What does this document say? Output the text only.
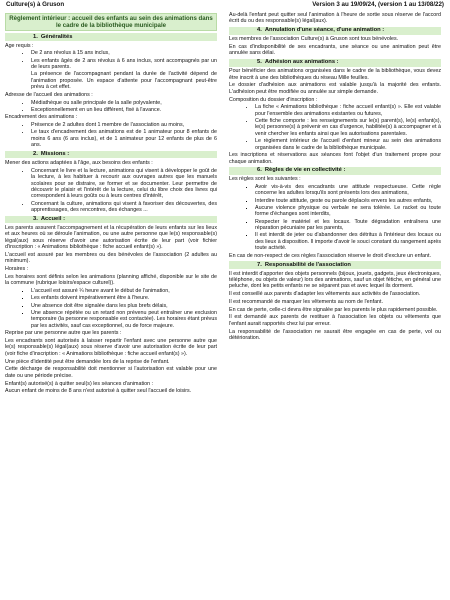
Culture(s) à Gruson	Version 3 au 19/09/24, (version 1 au 13/08/22)
Règlement intérieur : accueil des enfants au sein des animations dans le cadre de la bibliothèque municipale
1. Généralités

Age requis :

• De 2 ans révolus à 15 ans inclus,
• Les enfants âgés de 2 ans révolus à 6 ans inclus, sont accompagnés par un de leurs parents.
La présence de l'accompagnant pendant la durée de l'activité dépend de l'animation proposée. Un espace d'attente pour l'accompagnant peut-être prévu à cet effet.

Adresse de l'accueil des animations :

• Médiathèque ou salle principale de la salle polyvalente,
• Exceptionnellement en un lieu différent, fixé à l'avance.

Encadrement des animations :

• Présence de 2 adultes dont 1 membre de l'association au moins,
• Le taux d'encadrement des animations est de 1 animateur pour 8 enfants de moins 6 ans (6 ans inclus), et de 1 animateur pour 12 enfants de plus de 6 ans.
2. Missions :

Mener des actions adaptées à l'âge, aux besoins des enfants :

• Concernant le livre et la lecture, animations qui visent à développer le goût de la lecture, à les habituer à recourir aux ouvrages autres que les manuels scolaires pour se distraire, se former et se documenter. Leur permettre de découvrir le plaisir et l'intérêt de la lecture, celui du libre choix des livres qui correspondent à leurs goûts ou à leurs centres d'intérêt,
• Concernant la culture, animations qui visent à favoriser des découvertes, des apprentissages, des rencontres, des échanges ...
3. Accueil :

Les parents assurent l'accompagnement et la récupération de leurs enfants sur les lieux et aux heures où se déroule l'animation, ou une autre personne que le(s) responsable(s) légal(aux) sous réserve d'avoir une autorisation écrite de leur part (voir fichier d'inscription : « Animations bibliothèque : fiche accueil enfant(s) »).

L'accueil est assuré par les membres ou des bénévoles de l'association (2 adultes au minimum).

Horaires :

Les horaires sont définis selon les animations (planning affiché, disponible sur le site de la commune (rubrique loisirs/espace culturel)).

▪ L'accueil est assuré ¼ heure avant le début de l'animation,
▪ Les enfants doivent impérativement être à l'heure.
▪ Une absence doit être signalée dans les plus brefs délais,
▪ Une absence répétée ou un retard non prévenu peut entraîner une exclusion temporaire (la personne responsable est contactée). Les horaires étant prévus par les activités, sauf cas exceptionnel, ou de force majeure.

Reprise par une personne autre que les parents :

Les encadrants sont autorisés à laisser repartir l'enfant avec une personne autre que le(s) responsable(s) légal(aux) sous réserve d'avoir une autorisation écrite de leur part (voir fiche d'inscription : « Animations bibliothèque : fiche accueil enfant(s) »).

Une pièce d'identité peut être demandée lors de la reprise de l'enfant.

Cette décharge de responsabilité doit mentionner si l'autorisation est valable pour une date ou une période précise.

Enfant(s) autorisé(s) à quitter seul(s) les séances d'animation :

Aucun enfant de moins de 8 ans n'est autorisé à quitter seul l'accueil de loisirs.

Au-delà l'enfant peut quitter seul l'animation à l'heure de sortie sous réserve de l'accord écrit du ou des responsable(s) légal(aux).

4. Annulation d'une séance, d'une animation :

Les membres de l'association Culture(s) à Gruson sont tous bénévoles.

En cas d'indisponibilité de ses encadrants, une séance ou une animation peut être annulée sans délai.

5. Adhésion aux animations :

Pour bénéficier des animations organisées dans le cadre de la bibliothèque, vous devez être inscrit à une des bibliothèques du réseau Mille feuilles.

Le dossier d'adhésion aux animations est valable jusqu'à la majorité des enfants. L'adhésion peut être modifiée ou annulée sur simple demande.

Composition du dossier d'inscription :

• La fiche « Animations bibliothèque : fiche accueil enfant(s) ». Elle est valable pour l'ensemble des animations existantes ou futures,
• Cette fiche comporte : les renseignements sur le(s) parent(s), le(s) enfant(s), le(s) personne(s) à prévenir en cas d'urgence, habilitée(s) à accompagner et à venir chercher les enfants ainsi que les autorisations parentales.
• Le règlement intérieur de l'accueil d'enfant mineur au sein des animations organisées dans le cadre de la bibliothèque municipale.

Les inscriptions et réservations aux séances font l'objet d'un traitement propre pour chaque animation.

6. Règles de vie en collectivité :

Les règles sont les suivantes :

▪ Avoir vis-à-vis des encadrants une attitude respectueuse. Cette règle concerne les adultes lorsqu'ils sont présents lors des animations,
▪ Interdire toute attitude, geste ou parole déplacés envers les autres enfants,
▪ Aucune violence physique ou verbale ne sera tolérée. Le racket ou toute forme d'échanges sont interdits,
▪ Respecter le matériel et les locaux. Toute dégradation entraînera une réparation pécuniaire par les parents,
▪ Il est interdit de jeter ou d'abandonner des détritus à l'intérieur des locaux ou des lieux à disposition. Il importe d'avoir le souci constant du rangement après toute activité.

En cas de non-respect de ces règles l'association réserve le droit d'exclure un enfant.

7. Responsabilité de l'association

Il est interdit d'apporter des objets personnels (bijoux, jouets, gadgets, jeux électroniques, téléphone, ou objets de valeur) lors des animations, sauf un objet fétiche, en général une peluche, dont les petits enfants ne se séparent pas et avec lequel ils dorment.

Il est conseillé aux parents d'adapter les vêtements aux activités de l'association.

Il est recommandé de marquer les vêtements au nom de l'enfant.

En cas de perte, celle-ci devra être signalée par les parents le plus rapidement possible.

Il est demandé aux parents de restituer à l'association les objets ou vêtements que l'enfant aurait rapportés chez lui par erreur.

La responsabilité de l'association ne saurait être engagée en cas de perte, vol ou détérioration.
